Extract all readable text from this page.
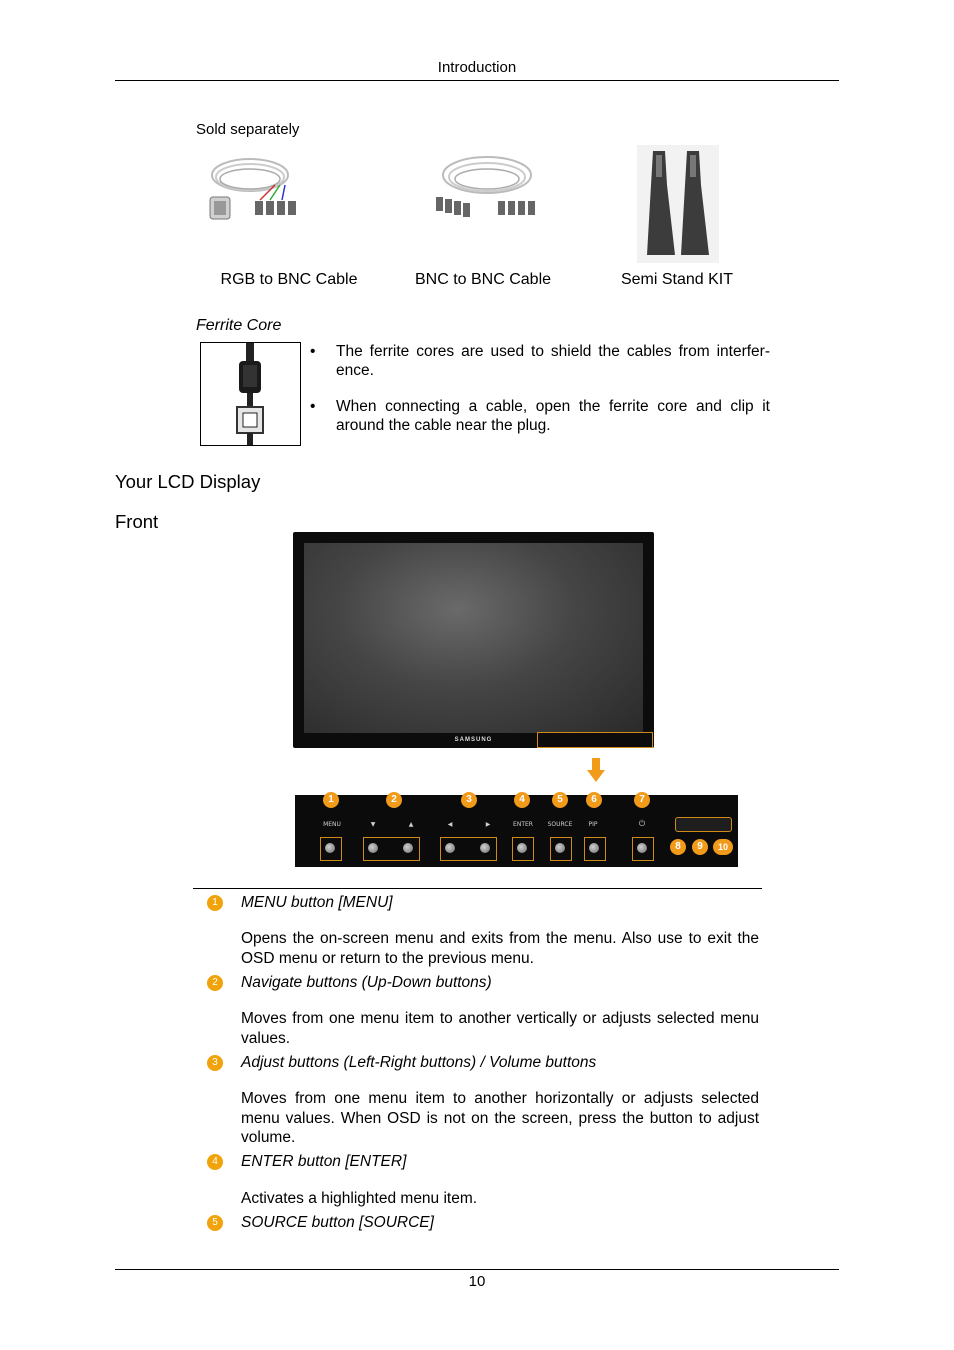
Introduction
Sold separately
RGB to BNC Cable	BNC to BNC Cable	Semi Stand KIT
Ferrite Core
• The ferrite cores are used to shield the cables from interfer-ence.
• When connecting a cable, open the ferrite core and clip it around the cable near the plug.
Your LCD Display
Front
SAMSUNG
1	2	3	4	5	6	7
8	9	10
MENU	▼	▲	◀	▶	ENTER	SOURCE	PIP	⏻
1	MENU button [MENU]
Opens the on-screen menu and exits from the menu. Also use to exit the OSD menu or return to the previous menu.
2	Navigate buttons (Up-Down buttons)
Moves from one menu item to another vertically or adjusts selected menu values.
3	Adjust buttons (Left-Right buttons) / Volume buttons
Moves from one menu item to another horizontally or adjusts selected menu values. When OSD is not on the screen, press the button to adjust volume.
4	ENTER button [ENTER]
Activates a highlighted menu item.
5	SOURCE button [SOURCE]
10
